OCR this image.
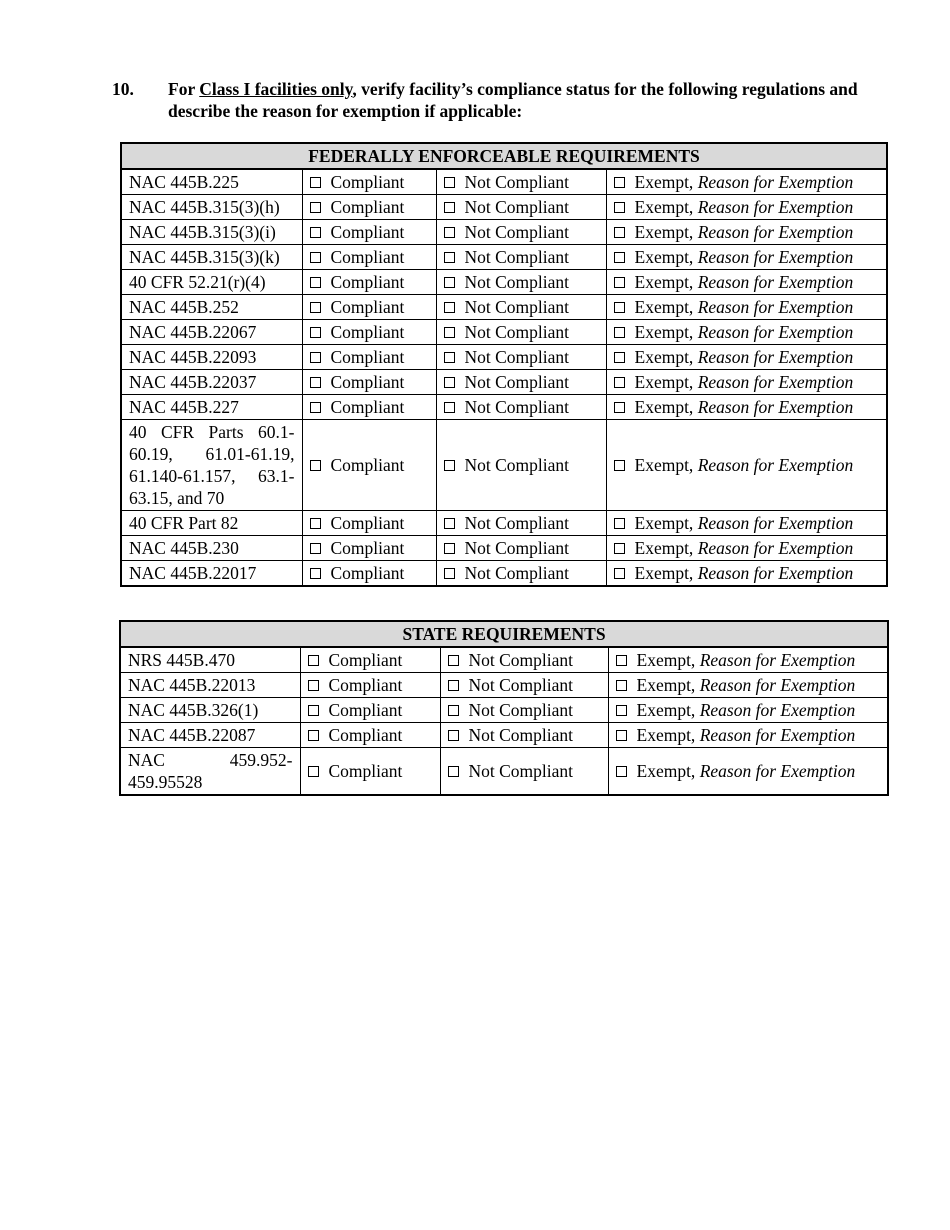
10. For Class I facilities only, verify facility’s compliance status for the following regulations and describe the reason for exemption if applicable:
FEDERALLY ENFORCEABLE REQUIREMENTS			
NAC 445B.225	Compliant	Not Compliant	Exempt, Reason for Exemption
NAC 445B.315(3)(h)	Compliant	Not Compliant	Exempt, Reason for Exemption
NAC 445B.315(3)(i)	Compliant	Not Compliant	Exempt, Reason for Exemption
NAC 445B.315(3)(k)	Compliant	Not Compliant	Exempt, Reason for Exemption
40 CFR 52.21(r)(4)	Compliant	Not Compliant	Exempt, Reason for Exemption
NAC 445B.252	Compliant	Not Compliant	Exempt, Reason for Exemption
NAC 445B.22067	Compliant	Not Compliant	Exempt, Reason for Exemption
NAC 445B.22093	Compliant	Not Compliant	Exempt, Reason for Exemption
NAC 445B.22037	Compliant	Not Compliant	Exempt, Reason for Exemption
NAC 445B.227	Compliant	Not Compliant	Exempt, Reason for Exemption
40 CFR Parts 60.1-60.19, 61.01-61.19, 61.140-61.157, 63.1-63.15, and 70	Compliant	Not Compliant	Exempt, Reason for Exemption
40 CFR Part 82	Compliant	Not Compliant	Exempt, Reason for Exemption
NAC 445B.230	Compliant	Not Compliant	Exempt, Reason for Exemption
NAC 445B.22017	Compliant	Not Compliant	Exempt, Reason for Exemption
STATE REQUIREMENTS			
NRS 445B.470	Compliant	Not Compliant	Exempt, Reason for Exemption
NAC 445B.22013	Compliant	Not Compliant	Exempt, Reason for Exemption
NAC 445B.326(1)	Compliant	Not Compliant	Exempt, Reason for Exemption
NAC 445B.22087	Compliant	Not Compliant	Exempt, Reason for Exemption
NAC 459.952-459.95528	Compliant	Not Compliant	Exempt, Reason for Exemption
